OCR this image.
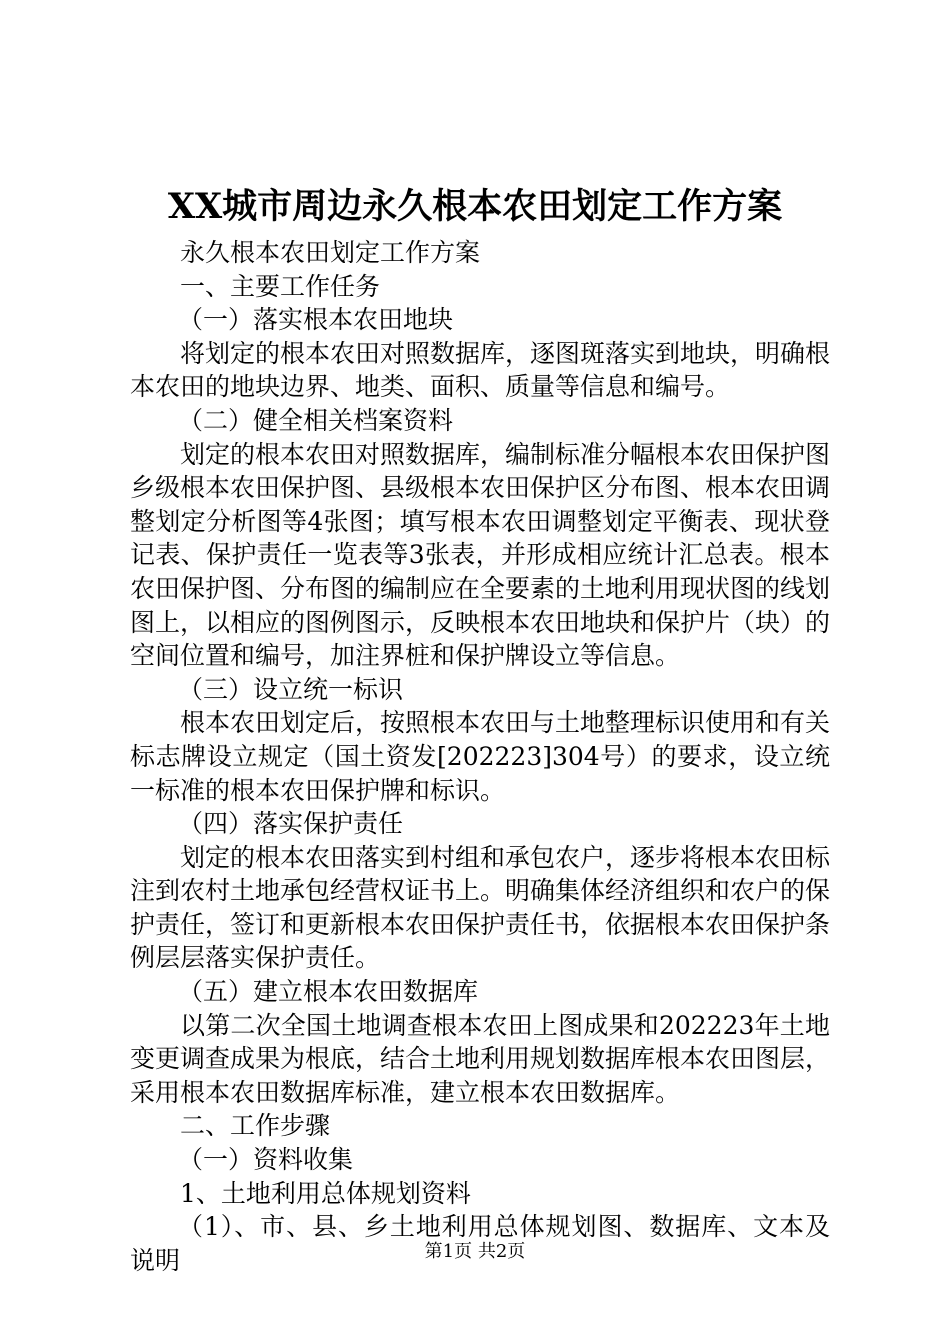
XX城市周边永久根本农田划定工作方案

永久根本农田划定工作方案

一、主要工作任务

（一）落实根本农田地块

将划定的根本农田对照数据库，逐图斑落实到地块，明确根本农田的地块边界、地类、面积、质量等信息和编号。

（二）健全相关档案资料

划定的根本农田对照数据库，编制标准分幅根本农田保护图乡级根本农田保护图、县级根本农田保护区分布图、根本农田调整划定分析图等4张图；填写根本农田调整划定平衡表、现状登记表、保护责任一览表等3张表，并形成相应统计汇总表。根本农田保护图、分布图的编制应在全要素的土地利用现状图的线划图上，以相应的图例图示，反映根本农田地块和保护片（块）的空间位置和编号，加注界桩和保护牌设立等信息。

（三）设立统一标识

根本农田划定后，按照根本农田与土地整理标识使用和有关标志牌设立规定（国土资发[202223]304号）的要求，设立统一标准的根本农田保护牌和标识。

（四）落实保护责任

划定的根本农田落实到村组和承包农户，逐步将根本农田标注到农村土地承包经营权证书上。明确集体经济组织和农户的保护责任，签订和更新根本农田保护责任书，依据根本农田保护条例层层落实保护责任。

（五）建立根本农田数据库

以第二次全国土地调查根本农田上图成果和202223年土地变更调查成果为根底，结合土地利用规划数据库根本农田图层，采用根本农田数据库标准，建立根本农田数据库。

二、工作步骤

（一）资料收集

1、土地利用总体规划资料

（1）、市、县、乡土地利用总体规划图、数据库、文本及说明	第1页 共2页
